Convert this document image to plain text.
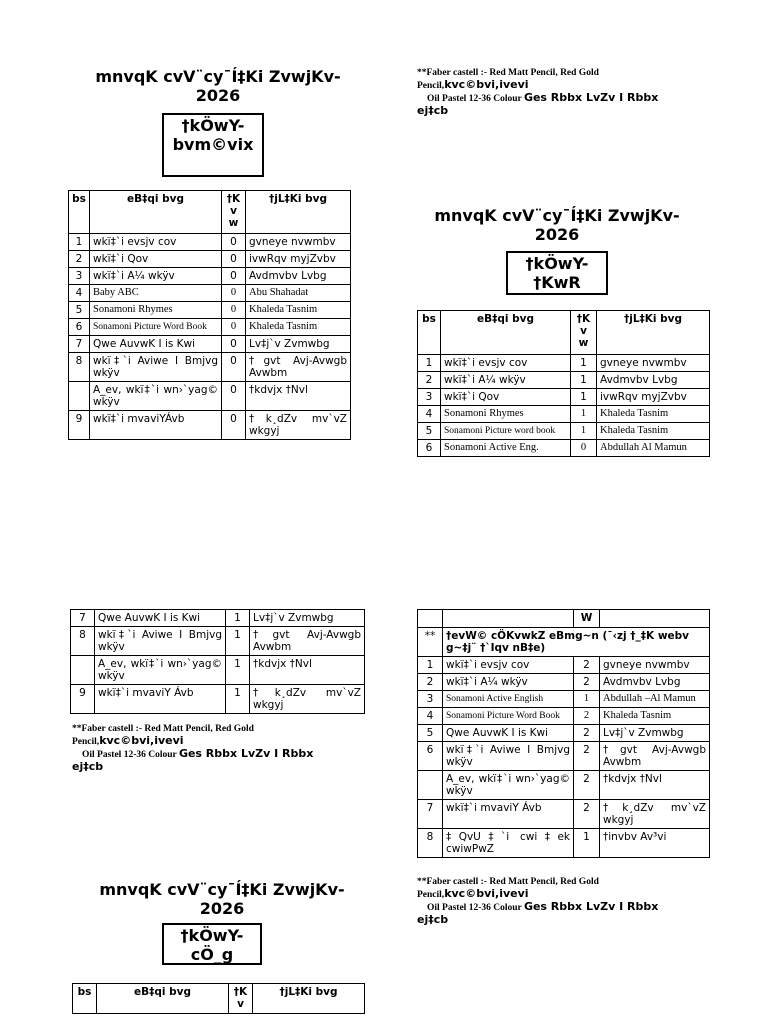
mnvqK cvV¨cy¯Í‡Ki ZvwjKv-
2026
†kÖwY-bvm©vix
bs	eB‡qi bvg	†K v w	†jL‡Ki bvg
1	wkï‡`i evsjv cov	0	gvneye nvwmbv
2	wkï‡`i Qov	0	ivwRqv myjZvbv
3	wkï‡`i A¼ wkÿv	0	Avdmvbv Lvbg
4	Baby ABC	0	Abu Shahadat
5	Sonamoni Rhymes	0	Khaleda Tasnim
6	Sonamoni Picture Word Book	0	Khaleda Tasnim
7	Qwe AuvwK I is Kwi	0	Lv‡j`v Zvmwbg
8	wkï‡`i Aviwe I Bmjvg wkÿv	0	†gvt Avj-Avwgb Avwbm
	A_ev, wkï‡`i wn›`yag© wkÿv	0	†kdvjx †Nvl
9	wkï‡`i mvaviYÁvb	0	†k¸dZv mv`vZ wkgyj
**Faber castell :- Red Matt Pencil, Red Gold
Pencil,kvc©bvi,ivevi
Oil Pastel 12-36 Colour Ges Rbbx LvZv I Rbbx
ej‡cb
mnvqK cvV¨cy¯Í‡Ki ZvwjKv-
2026
†kÖwY-†KwR
bs	eB‡qi bvg	†K v w	†jL‡Ki bvg
1	wkï‡`i evsjv cov	1	gvneye nvwmbv
2	wkï‡`i A¼ wkÿv	1	Avdmvbv Lvbg
3	wkï‡`i Qov	1	ivwRqv myjZvbv
4	Sonamoni Rhymes	1	Khaleda Tasnim
5	Sonamoni Picture word book	1	Khaleda Tasnim
6	Sonamoni Active Eng.	0	Abdullah Al Mamun
7	Qwe AuvwK I is Kwi	1	Lv‡j`v Zvmwbg
8	wkï‡`i Aviwe I Bmjvg wkÿv	1	†gvt Avj-Avwgb Avwbm
	A_ev, wkï‡`i wn›`yag© wkÿv	1	†kdvjx †Nvl
9	wkï‡`i mvaviY Ávb	1	†k¸dZv mv`vZ wkgyj
**Faber castell :- Red Matt Pencil, Red Gold
Pencil,kvc©bvi,ivevi
Oil Pastel 12-36 Colour Ges Rbbx LvZv I Rbbx
ej‡cb
		W	
**	†evW© cÖKvwkZ eBmg~n (¯‹zj †_‡K webv g~‡j¨ †`Iqv nB‡e)		
1	wkï‡`i evsjv cov	2	gvneye nvwmbv
2	wkï‡`i A¼ wkÿv	2	Avdmvbv Lvbg
3	Sonamoni Active English	1	Abdullah –Al Mamun
4	Sonamoni Picture Word Book	2	Khaleda Tasnim
5	Qwe AuvwK I is Kwi	2	Lv‡j`v Zvmwbg
6	wkï‡`i Aviwe I Bmjvg wkÿv	2	†gvt Avj-Avwgb Avwbm
	A_ev, wkï‡`i wn›`yag© wkÿv	2	†kdvjx †Nvl
7	wkï‡`i mvaviY Ávb	2	†k¸dZv mv`vZ wkgyj
8	‡QvU‡`i cwi‡ek cwiwPwZ	1	†invbv Av³vi
**Faber castell :- Red Matt Pencil, Red Gold
Pencil,kvc©bvi,ivevi
Oil Pastel 12-36 Colour Ges Rbbx LvZv I Rbbx
ej‡cb
mnvqK cvV¨cy¯Í‡Ki ZvwjKv-
2026
†kÖwY-cÖ_g
bs	eB‡qi bvg	†K v	†jL‡Ki bvg
